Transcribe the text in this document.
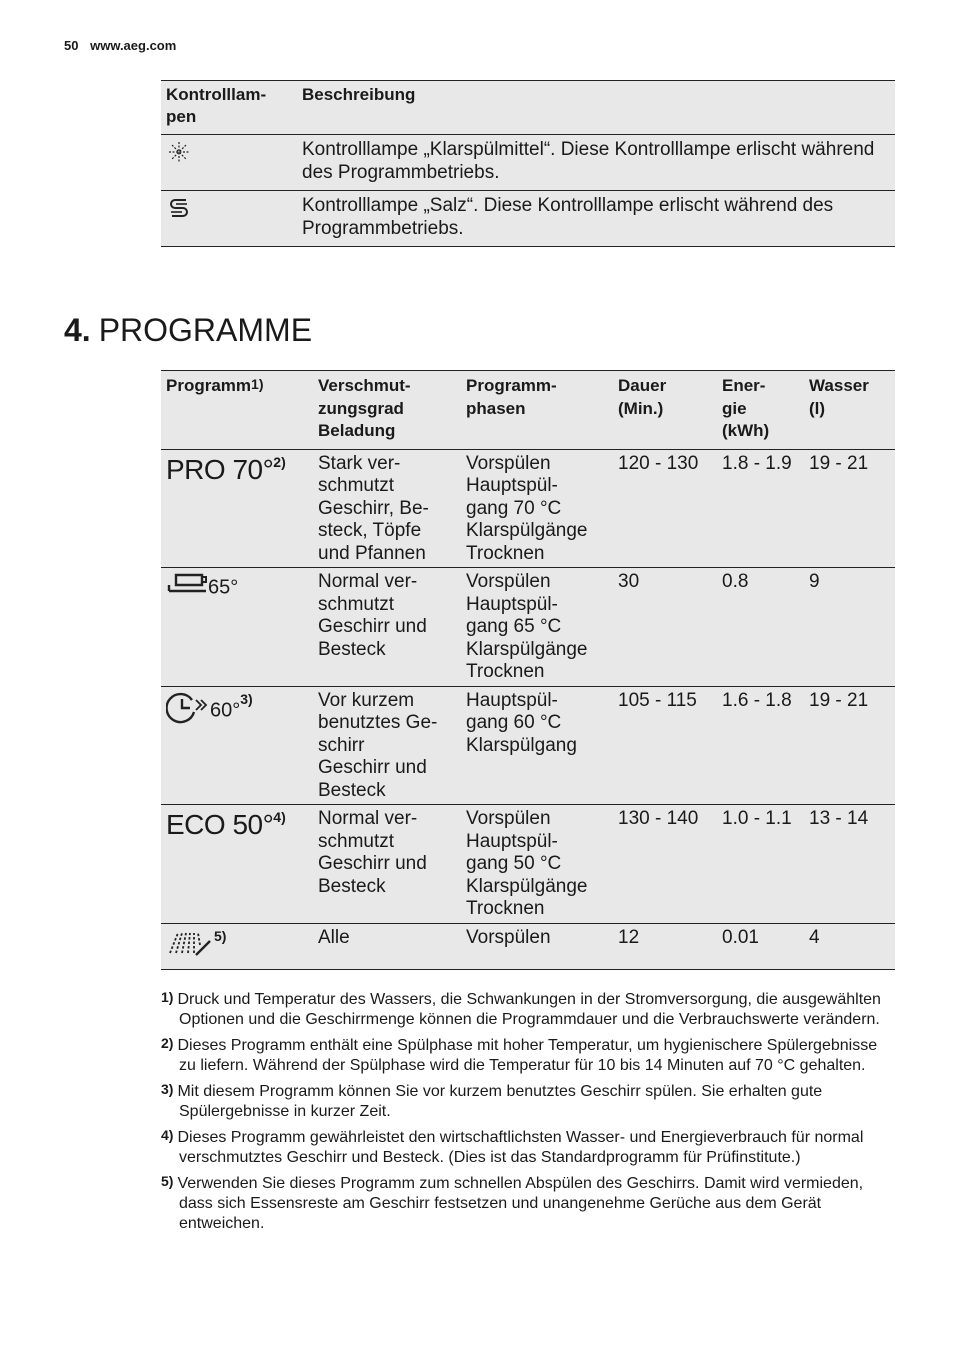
50 www.aeg.com
Kontrolllam-
pen	Beschreibung
	Kontrolllampe „Klarspülmittel“. Diese Kontrolllampe erlischt während des Programmbetriebs.
	Kontrolllampe „Salz“. Diese Kontrolllampe erlischt während des Programmbetriebs.
4. PROGRAMME
Programm$^{1)}$	Verschmut-
zungsgrad
Beladung	Programm-
phasen	Dauer
(Min.)	Ener-
gie
(kWh)	Wasser
(l)
PRO 70°$^{2)}$	Stark ver-
schmutzt
Geschirr, Be-
steck, Töpfe
und Pfannen	Vorspülen
Hauptspül-
gang 70 °C
Klarspülgänge
Trocknen	120 - 130	1.8 - 1.9	19 - 21
65°	Normal ver-
schmutzt
Geschirr und
Besteck	Vorspülen
Hauptspül-
gang 65 °C
Klarspülgänge
Trocknen	30	0.8	9
60°$^{3)}$	Vor kurzem
benutztes Ge-
schirr
Geschirr und
Besteck	Hauptspül-
gang 60 °C
Klarspülgang	105 - 115	1.6 - 1.8	19 - 21
ECO 50°$^{4)}$	Normal ver-
schmutzt
Geschirr und
Besteck	Vorspülen
Hauptspül-
gang 50 °C
Klarspülgänge
Trocknen	130 - 140	1.0 - 1.1	13 - 14
$^{5)}$	Alle	Vorspülen	12	0.01	4
1) Druck und Temperatur des Wassers, die Schwankungen in der Stromversorgung, die ausgewählten Optionen und die Geschirrmenge können die Programmdauer und die Verbrauchswerte verändern.
2) Dieses Programm enthält eine Spülphase mit hoher Temperatur, um hygienischere Spülergebnisse zu liefern. Während der Spülphase wird die Temperatur für 10 bis 14 Minuten auf 70 °C gehalten.
3) Mit diesem Programm können Sie vor kurzem benutztes Geschirr spülen. Sie erhalten gute Spülergebnisse in kurzer Zeit.
4) Dieses Programm gewährleistet den wirtschaftlichsten Wasser- und Energieverbrauch für normal verschmutztes Geschirr und Besteck. (Dies ist das Standardprogramm für Prüfinstitute.)
5) Verwenden Sie dieses Programm zum schnellen Abspülen des Geschirrs. Damit wird vermieden, dass sich Essensreste am Geschirr festsetzen und unangenehme Gerüche aus dem Gerät entweichen.
